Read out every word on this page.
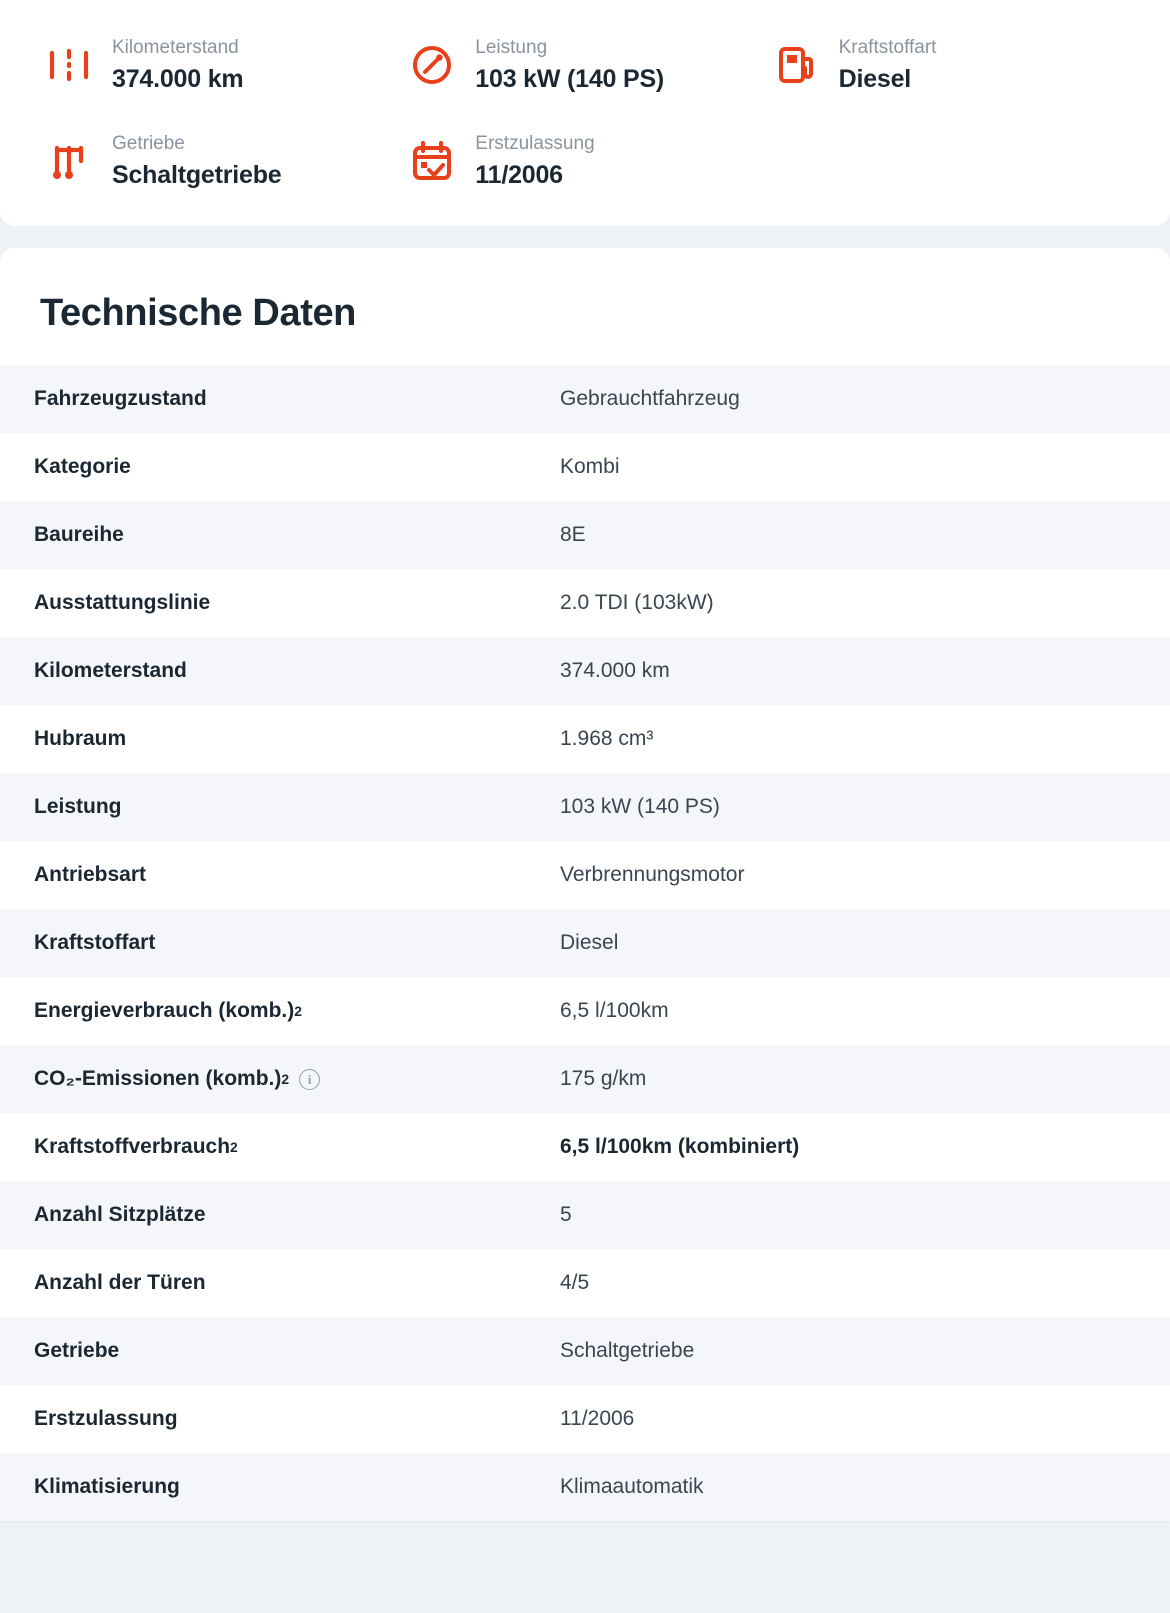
Kilometerstand
374.000 km
Leistung
103 kW (140 PS)
Kraftstoffart
Diesel
Getriebe
Schaltgetriebe
Erstzulassung
11/2006
Technische Daten
Fahrzeugzustand	Gebrauchtfahrzeug
Kategorie	Kombi
Baureihe	8E
Ausstattungslinie	2.0 TDI (103kW)
Kilometerstand	374.000 km
Hubraum	1.968 cm³
Leistung	103 kW (140 PS)
Antriebsart	Verbrennungsmotor
Kraftstoffart	Diesel
Energieverbrauch (komb.) 2	6,5 l/100km
CO₂-Emissionen (komb.) 2	i	175 g/km
Kraftstoffverbrauch 2	6,5 l/100km (kombiniert)
Anzahl Sitzplätze	5
Anzahl der Türen	4/5
Getriebe	Schaltgetriebe
Erstzulassung	11/2006
Klimatisierung	Klimaautomatik
